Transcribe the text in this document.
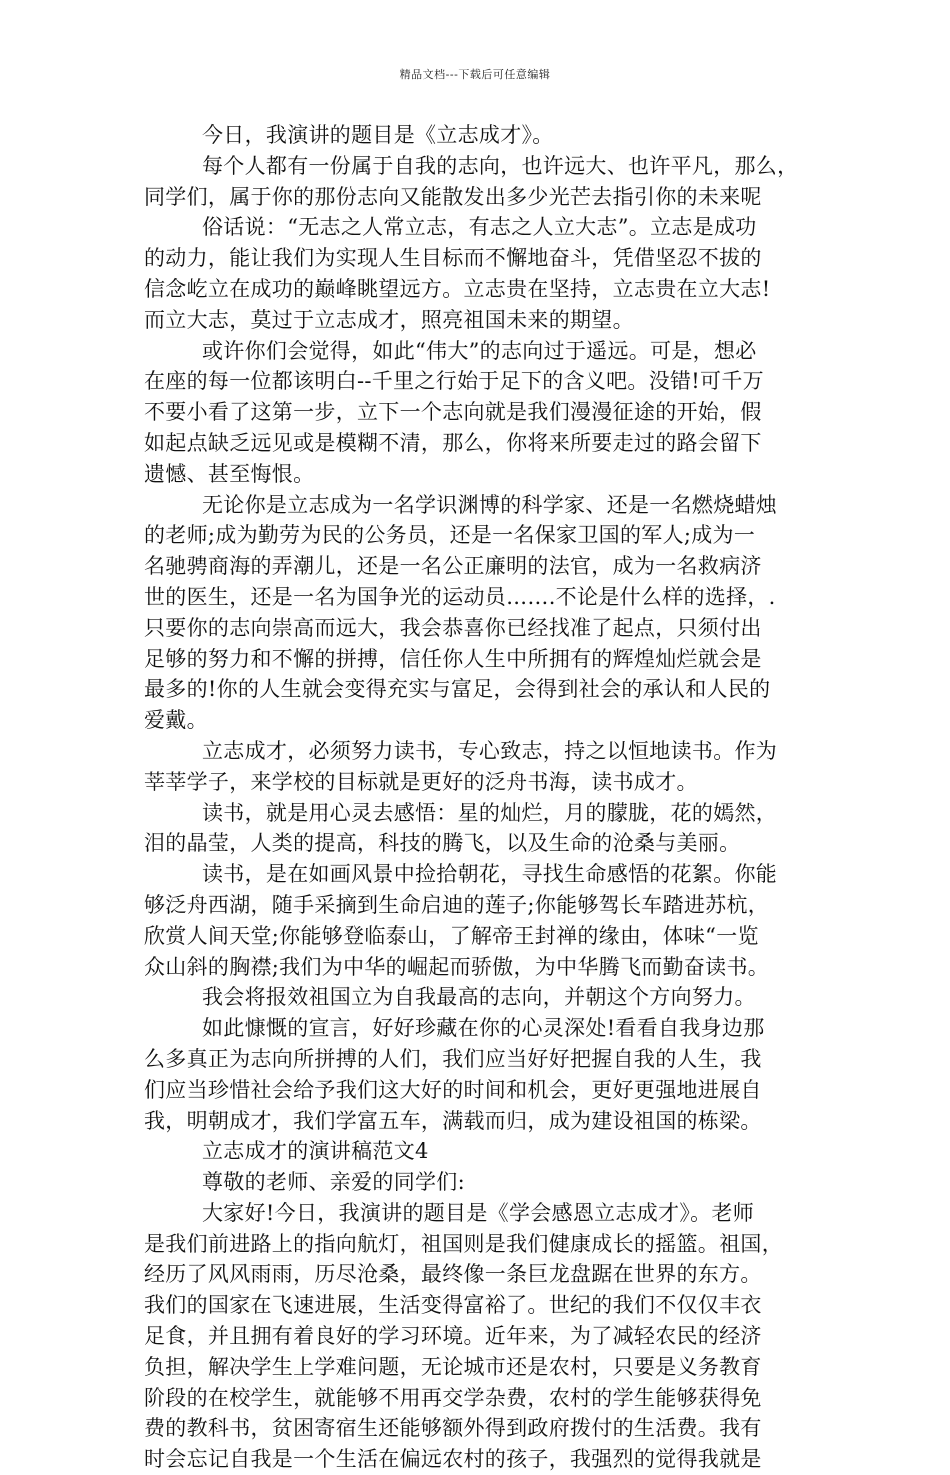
精品文档---下载后可任意编辑
今日，我演讲的题目是《立志成才》。
每个人都有一份属于自我的志向，也许远大、也许平凡，那么，
同学们，属于你的那份志向又能散发出多少光芒去指引你的未来呢
俗话说：“无志之人常立志，有志之人立大志”。立志是成功
的动力，能让我们为实现人生目标而不懈地奋斗，凭借坚忍不拔的
信念屹立在成功的巅峰眺望远方。立志贵在坚持，立志贵在立大志!
而立大志，莫过于立志成才，照亮祖国未来的期望。
或许你们会觉得，如此“伟大”的志向过于遥远。可是，想必
在座的每一位都该明白--千里之行始于足下的含义吧。没错!可千万
不要小看了这第一步，立下一个志向就是我们漫漫征途的开始，假
如起点缺乏远见或是模糊不清，那么，你将来所要走过的路会留下
遗憾、甚至悔恨。
无论你是立志成为一名学识渊博的科学家、还是一名燃烧蜡烛
的老师;成为勤劳为民的公务员，还是一名保家卫国的军人;成为一
名驰骋商海的弄潮儿，还是一名公正廉明的法官，成为一名救病济
世的医生，还是一名为国争光的运动员…….不论是什么样的选择，.
只要你的志向崇高而远大，我会恭喜你已经找准了起点，只须付出
足够的努力和不懈的拼搏，信任你人生中所拥有的辉煌灿烂就会是
最多的!你的人生就会变得充实与富足，会得到社会的承认和人民的
爱戴。
立志成才，必须努力读书，专心致志，持之以恒地读书。作为
莘莘学子，来学校的目标就是更好的泛舟书海，读书成才。
读书，就是用心灵去感悟：星的灿烂，月的朦胧，花的嫣然，
泪的晶莹，人类的提高，科技的腾飞，以及生命的沧桑与美丽。
读书，是在如画风景中捡拾朝花，寻找生命感悟的花絮。你能
够泛舟西湖，随手采摘到生命启迪的莲子;你能够驾长车踏进苏杭，
欣赏人间天堂;你能够登临泰山，了解帝王封禅的缘由，体味“一览
众山斜的胸襟;我们为中华的崛起而骄傲，为中华腾飞而勤奋读书。
我会将报效祖国立为自我最高的志向，并朝这个方向努力。
如此慷慨的宣言，好好珍藏在你的心灵深处!看看自我身边那
么多真正为志向所拼搏的人们，我们应当好好把握自我的人生，我
们应当珍惜社会给予我们这大好的时间和机会，更好更强地进展自
我，明朝成才，我们学富五车，满载而归，成为建设祖国的栋梁。
立志成才的演讲稿范文4
尊敬的老师、亲爱的同学们:
大家好!今日，我演讲的题目是《学会感恩立志成才》。老师
是我们前进路上的指向航灯，祖国则是我们健康成长的摇篮。祖国，
经历了风风雨雨，历尽沧桑，最终像一条巨龙盘踞在世界的东方。
我们的国家在飞速进展，生活变得富裕了。世纪的我们不仅仅丰衣
足食，并且拥有着良好的学习环境。近年来，为了减轻农民的经济
负担，解决学生上学难问题，无论城市还是农村，只要是义务教育
阶段的在校学生，就能够不用再交学杂费，农村的学生能够获得免
费的教科书，贫困寄宿生还能够额外得到政府拨付的生活费。我有
时会忘记自我是一个生活在偏远农村的孩子，我强烈的觉得我就是
